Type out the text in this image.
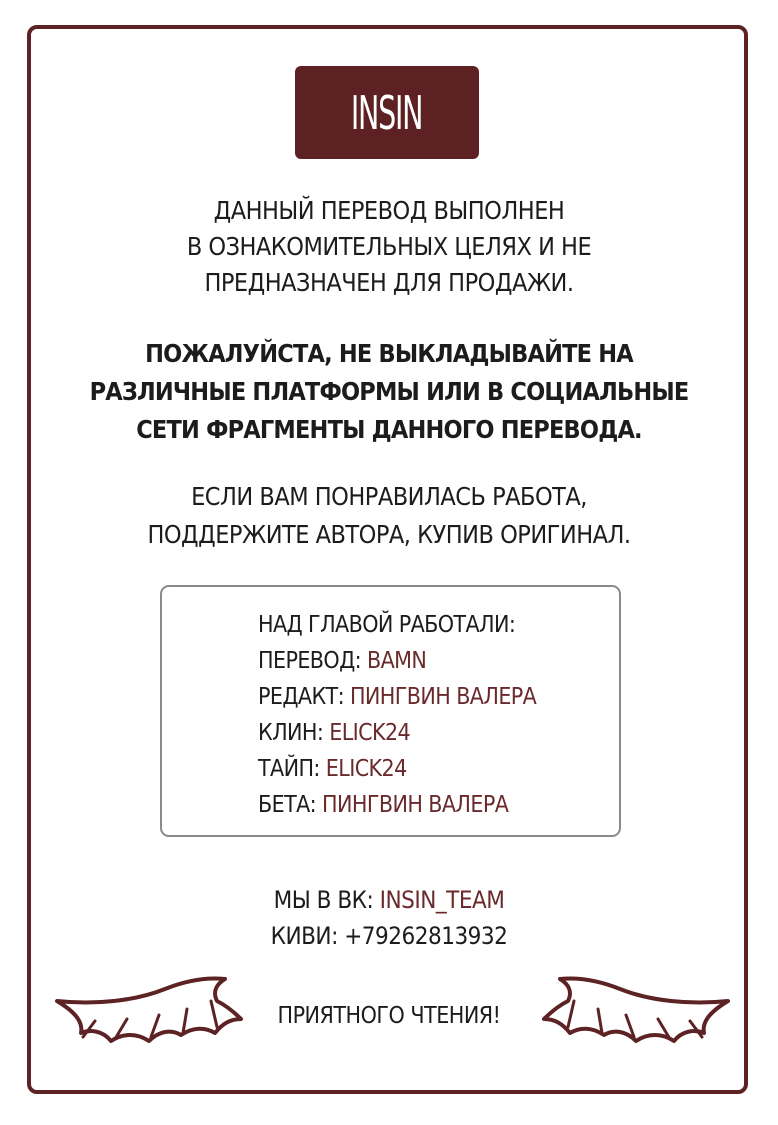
INSIN
ДАННЫЙ ПЕРЕВОД ВЫПОЛНЕН
В ОЗНАКОМИТЕЛЬНЫХ ЦЕЛЯХ И НЕ
ПРЕДНАЗНАЧЕН ДЛЯ ПРОДАЖИ.
ПОЖАЛУЙСТА, НЕ ВЫКЛАДЫВАЙТЕ НА
РАЗЛИЧНЫЕ ПЛАТФОРМЫ ИЛИ В СОЦИАЛЬНЫЕ
СЕТИ ФРАГМЕНТЫ ДАННОГО ПЕРЕВОДА.
ЕСЛИ ВАМ ПОНРАВИЛАСЬ РАБОТА,
ПОДДЕРЖИТЕ АВТОРА, КУПИВ ОРИГИНАЛ.
НАД ГЛАВОЙ РАБОТАЛИ:
ПЕРЕВОД: BAMN
РЕДАКТ: ПИНГВИН ВАЛЕРА
КЛИН: ELICK24
ТАЙП: ELICK24
БЕТА: ПИНГВИН ВАЛЕРА
МЫ В ВК: INSIN_TEAM
КИВИ: +79262813932
ПРИЯТНОГО ЧТЕНИЯ!
